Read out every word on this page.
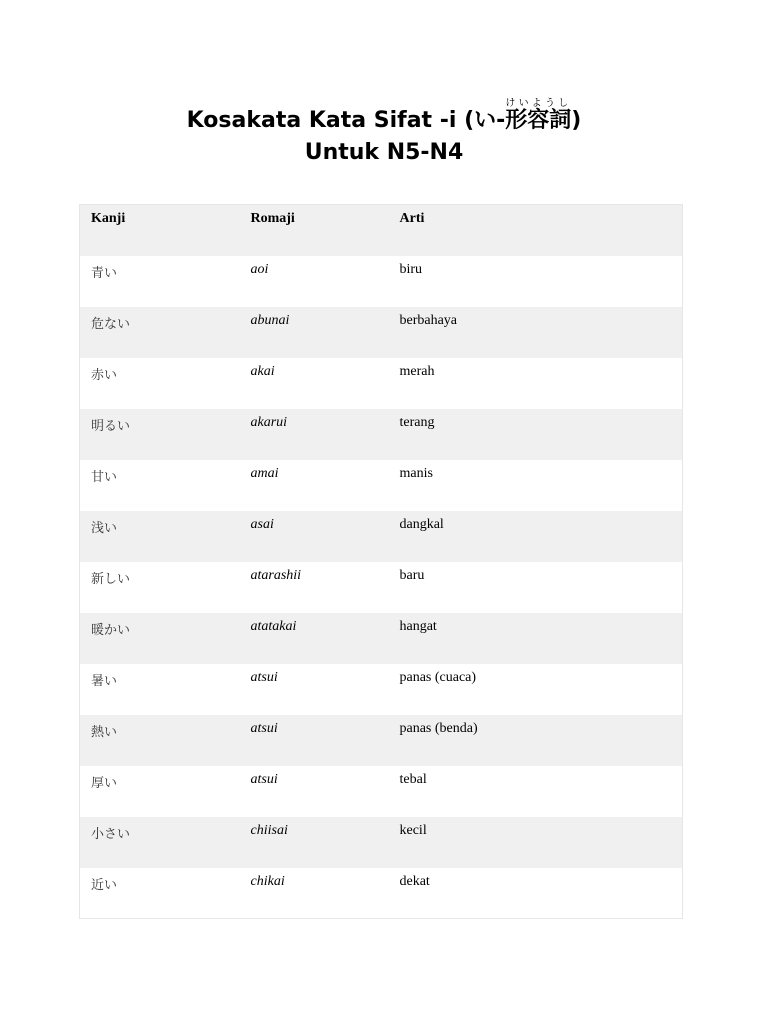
Kosakata Kata Sifat -i (い-形容詞けいようし)
Untuk N5-N4
Kanji	Romaji	Arti
青い	aoi	biru
危ない	abunai	berbahaya
赤い	akai	merah
明るい	akarui	terang
甘い	amai	manis
浅い	asai	dangkal
新しい	atarashii	baru
暖かい	atatakai	hangat
暑い	atsui	panas (cuaca)
熱い	atsui	panas (benda)
厚い	atsui	tebal
小さい	chiisai	kecil
近い	chikai	dekat
